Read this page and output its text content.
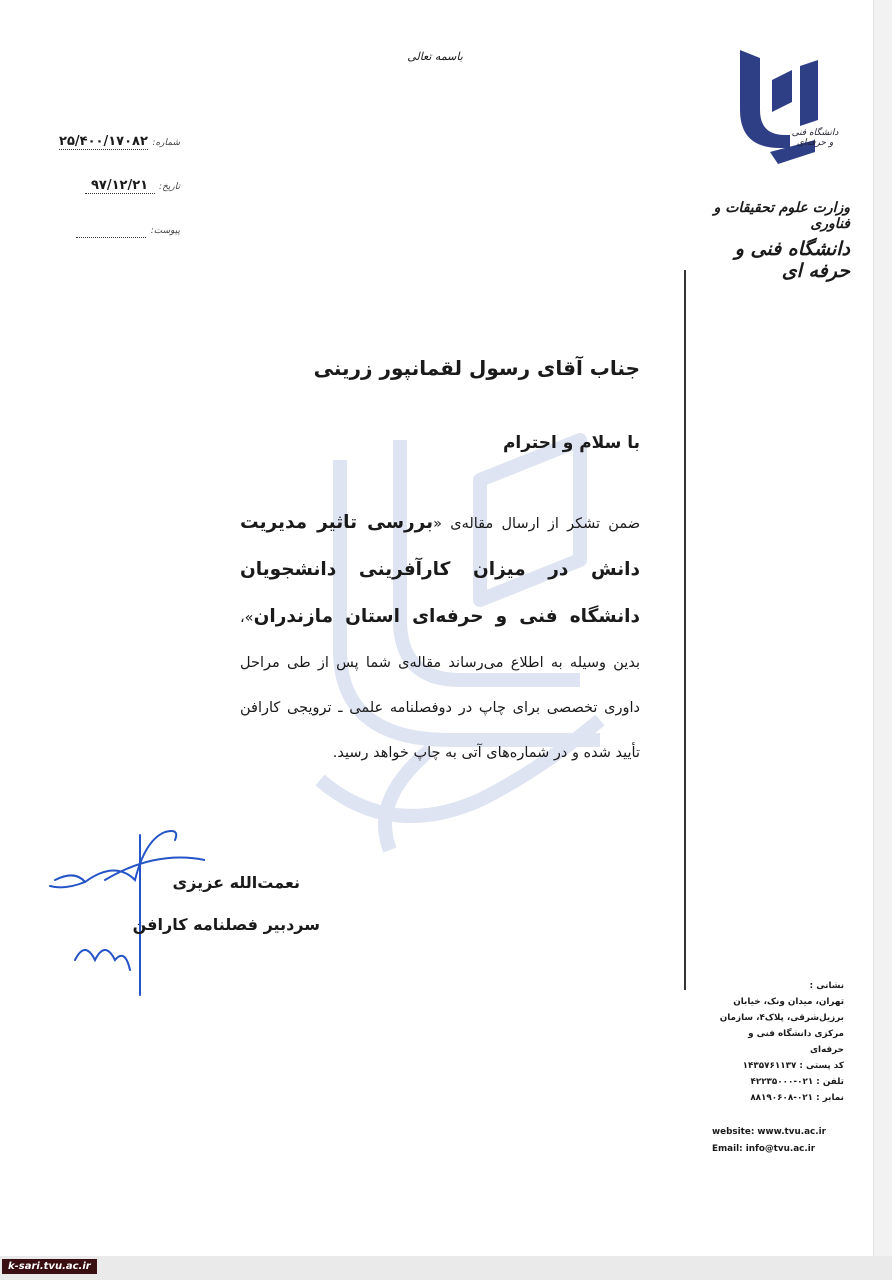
باسمه تعالی
شماره: ۲۵/۴۰۰/۱۷۰۸۲
تاریخ: ۹۷/۱۲/۲۱
پیوست:
دانشگاه فنی و حرفه‌ای
وزارت علوم تحقیقات و فناوری
دانشگاه فنی و حرفه ای
جناب آقای رسول لقمانپور زرینی
با سلام و احترام
ضمن تشکر از ارسال مقاله‌ی «بررسی تاثیر مدیریت دانش در میزان کارآفرینی دانشجویان دانشگاه فنی و حرفه‌ای استان مازندران»، بدین وسیله به اطلاع می‌رساند مقاله‌ی شما پس از طی مراحل داوری تخصصی برای چاپ در دوفصلنامه علمی ـ ترویجی کارافن تأیید شده و در شماره‌های آتی به چاپ خواهد رسید.
نعمت‌الله عزیزی
سردبیر فصلنامه کارافن
نشانی :
تهران، میدان ونک، خیابان
برزیل‌شرقی، پلاک۴، سازمان
مرکزی دانشگاه فنی و حرفه‌ای
کد پستی : ۱۴۳۵۷۶۱۱۳۷
تلفن : ۰۲۱-۴۲۲۳۵۰۰۰
نمابر : ۰۲۱-۸۸۱۹۰۶۰۸
website: www.tvu.ac.ir
Email: info@tvu.ac.ir
k-sari.tvu.ac.ir
